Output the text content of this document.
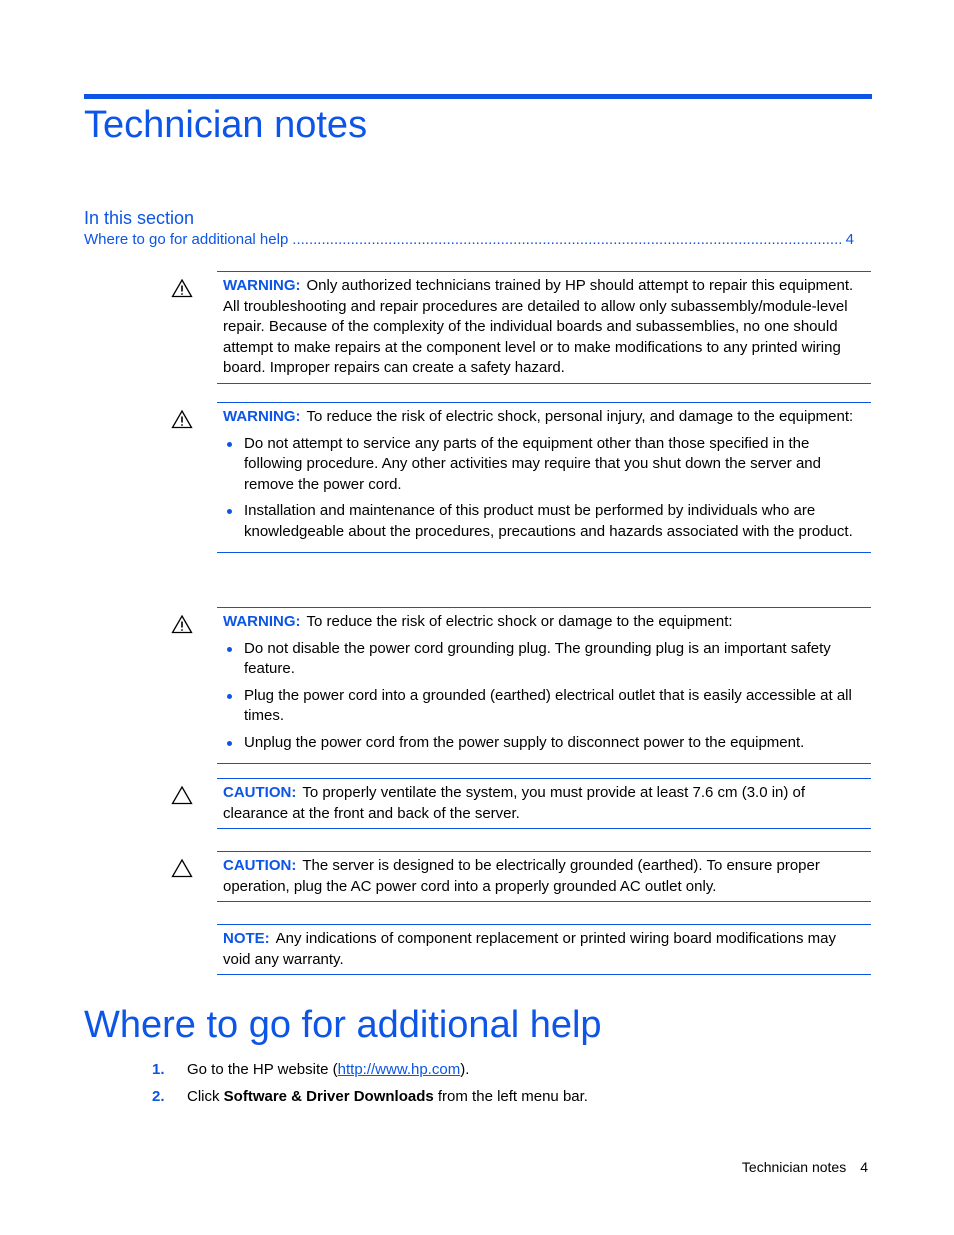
Technician notes
In this section
Where to go for additional help
.....	4
WARNING: Only authorized technicians trained by HP should attempt to repair this equipment. All troubleshooting and repair procedures are detailed to allow only subassembly/module-level repair. Because of the complexity of the individual boards and subassemblies, no one should attempt to make repairs at the component level or to make modifications to any printed wiring board. Improper repairs can create a safety hazard.
WARNING: To reduce the risk of electric shock, personal injury, and damage to the equipment:
Do not attempt to service any parts of the equipment other than those specified in the following procedure. Any other activities may require that you shut down the server and remove the power cord.
Installation and maintenance of this product must be performed by individuals who are knowledgeable about the procedures, precautions and hazards associated with the product.
WARNING: To reduce the risk of electric shock or damage to the equipment:
Do not disable the power cord grounding plug. The grounding plug is an important safety feature.
Plug the power cord into a grounded (earthed) electrical outlet that is easily accessible at all times.
Unplug the power cord from the power supply to disconnect power to the equipment.
CAUTION: To properly ventilate the system, you must provide at least 7.6 cm (3.0 in) of clearance at the front and back of the server.
CAUTION: The server is designed to be electrically grounded (earthed). To ensure proper operation, plug the AC power cord into a properly grounded AC outlet only.
NOTE: Any indications of component replacement or printed wiring board modifications may void any warranty.
Where to go for additional help
1.	Go to the HP website (http://www.hp.com).
2.	Click Software & Driver Downloads from the left menu bar.
Technician notes 4
